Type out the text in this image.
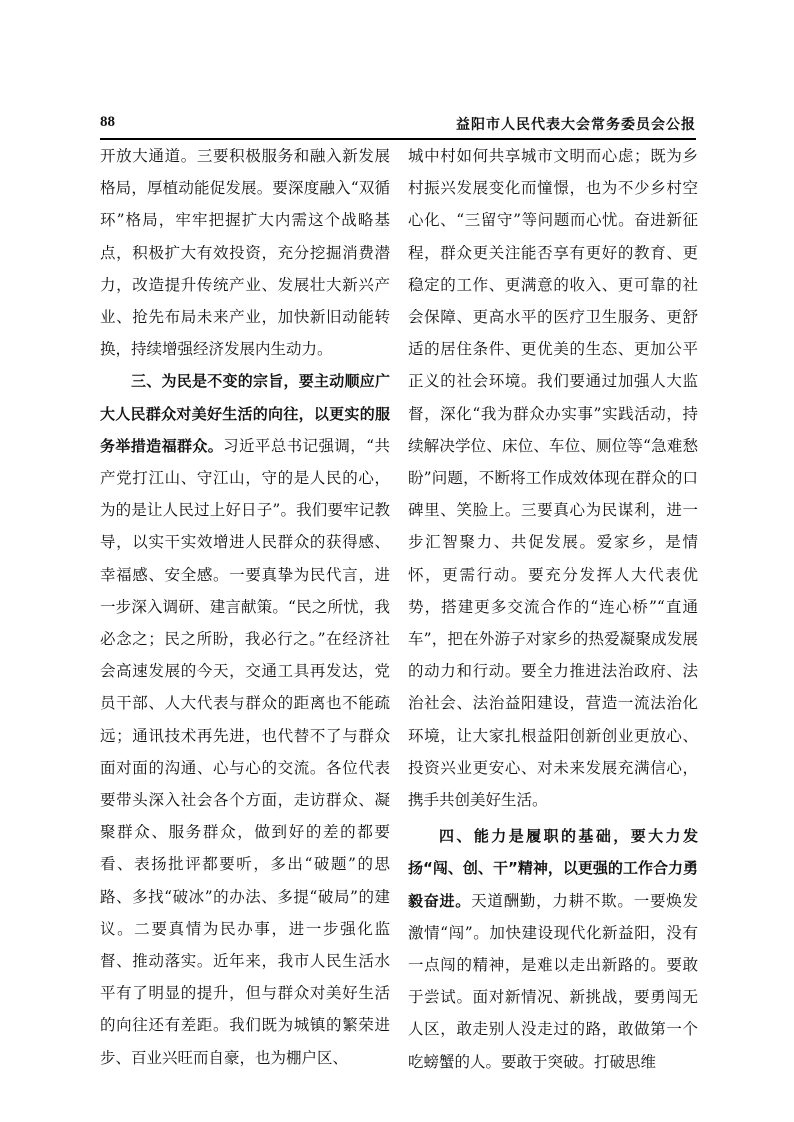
88	益阳市人民代表大会常务委员会公报

开放大通道。三要积极服务和融入新发展格局，厚植动能促发展。要深度融入“双循环”格局，牢牢把握扩大内需这个战略基点，积极扩大有效投资，充分挖掘消费潜力，改造提升传统产业、发展壮大新兴产业、抢先布局未来产业，加快新旧动能转换，持续增强经济发展内生动力。

三、为民是不变的宗旨，要主动顺应广大人民群众对美好生活的向往，以更实的服务举措造福群众。习近平总书记强调，“共产党打江山、守江山，守的是人民的心，为的是让人民过上好日子”。我们要牢记教导，以实干实效增进人民群众的获得感、幸福感、安全感。一要真挚为民代言，进一步深入调研、建言献策。“民之所忧，我必念之；民之所盼，我必行之。”在经济社会高速发展的今天，交通工具再发达，党员干部、人大代表与群众的距离也不能疏远；通讯技术再先进，也代替不了与群众面对面的沟通、心与心的交流。各位代表要带头深入社会各个方面，走访群众、凝聚群众、服务群众，做到好的差的都要看、表扬批评都要听，多出“破题”的思路、多找“破冰”的办法、多提“破局”的建议。二要真情为民办事，进一步强化监督、推动落实。近年来，我市人民生活水平有了明显的提升，但与群众对美好生活的向往还有差距。我们既为城镇的繁荣进步、百业兴旺而自豪，也为棚户区、

城中村如何共享城市文明而心虑；既为乡村振兴发展变化而憧憬，也为不少乡村空心化、“三留守”等问题而心忧。奋进新征程，群众更关注能否享有更好的教育、更稳定的工作、更满意的收入、更可靠的社会保障、更高水平的医疗卫生服务、更舒适的居住条件、更优美的生态、更加公平正义的社会环境。我们要通过加强人大监督，深化“我为群众办实事”实践活动，持续解决学位、床位、车位、厕位等“急难愁盼”问题，不断将工作成效体现在群众的口碑里、笑脸上。三要真心为民谋利，进一步汇智聚力、共促发展。爱家乡，是情怀，更需行动。要充分发挥人大代表优势，搭建更多交流合作的“连心桥”“直通车”，把在外游子对家乡的热爱凝聚成发展的动力和行动。要全力推进法治政府、法治社会、法治益阳建设，营造一流法治化环境，让大家扎根益阳创新创业更放心、投资兴业更安心、对未来发展充满信心，携手共创美好生活。

四、能力是履职的基础，要大力发扬“闯、创、干”精神，以更强的工作合力勇毅奋进。天道酬勤，力耕不欺。一要焕发激情“闯”。加快建设现代化新益阳，没有一点闯的精神，是难以走出新路的。要敢于尝试。面对新情况、新挑战，要勇闯无人区，敢走别人没走过的路，敢做第一个吃螃蟹的人。要敢于突破。打破思维
